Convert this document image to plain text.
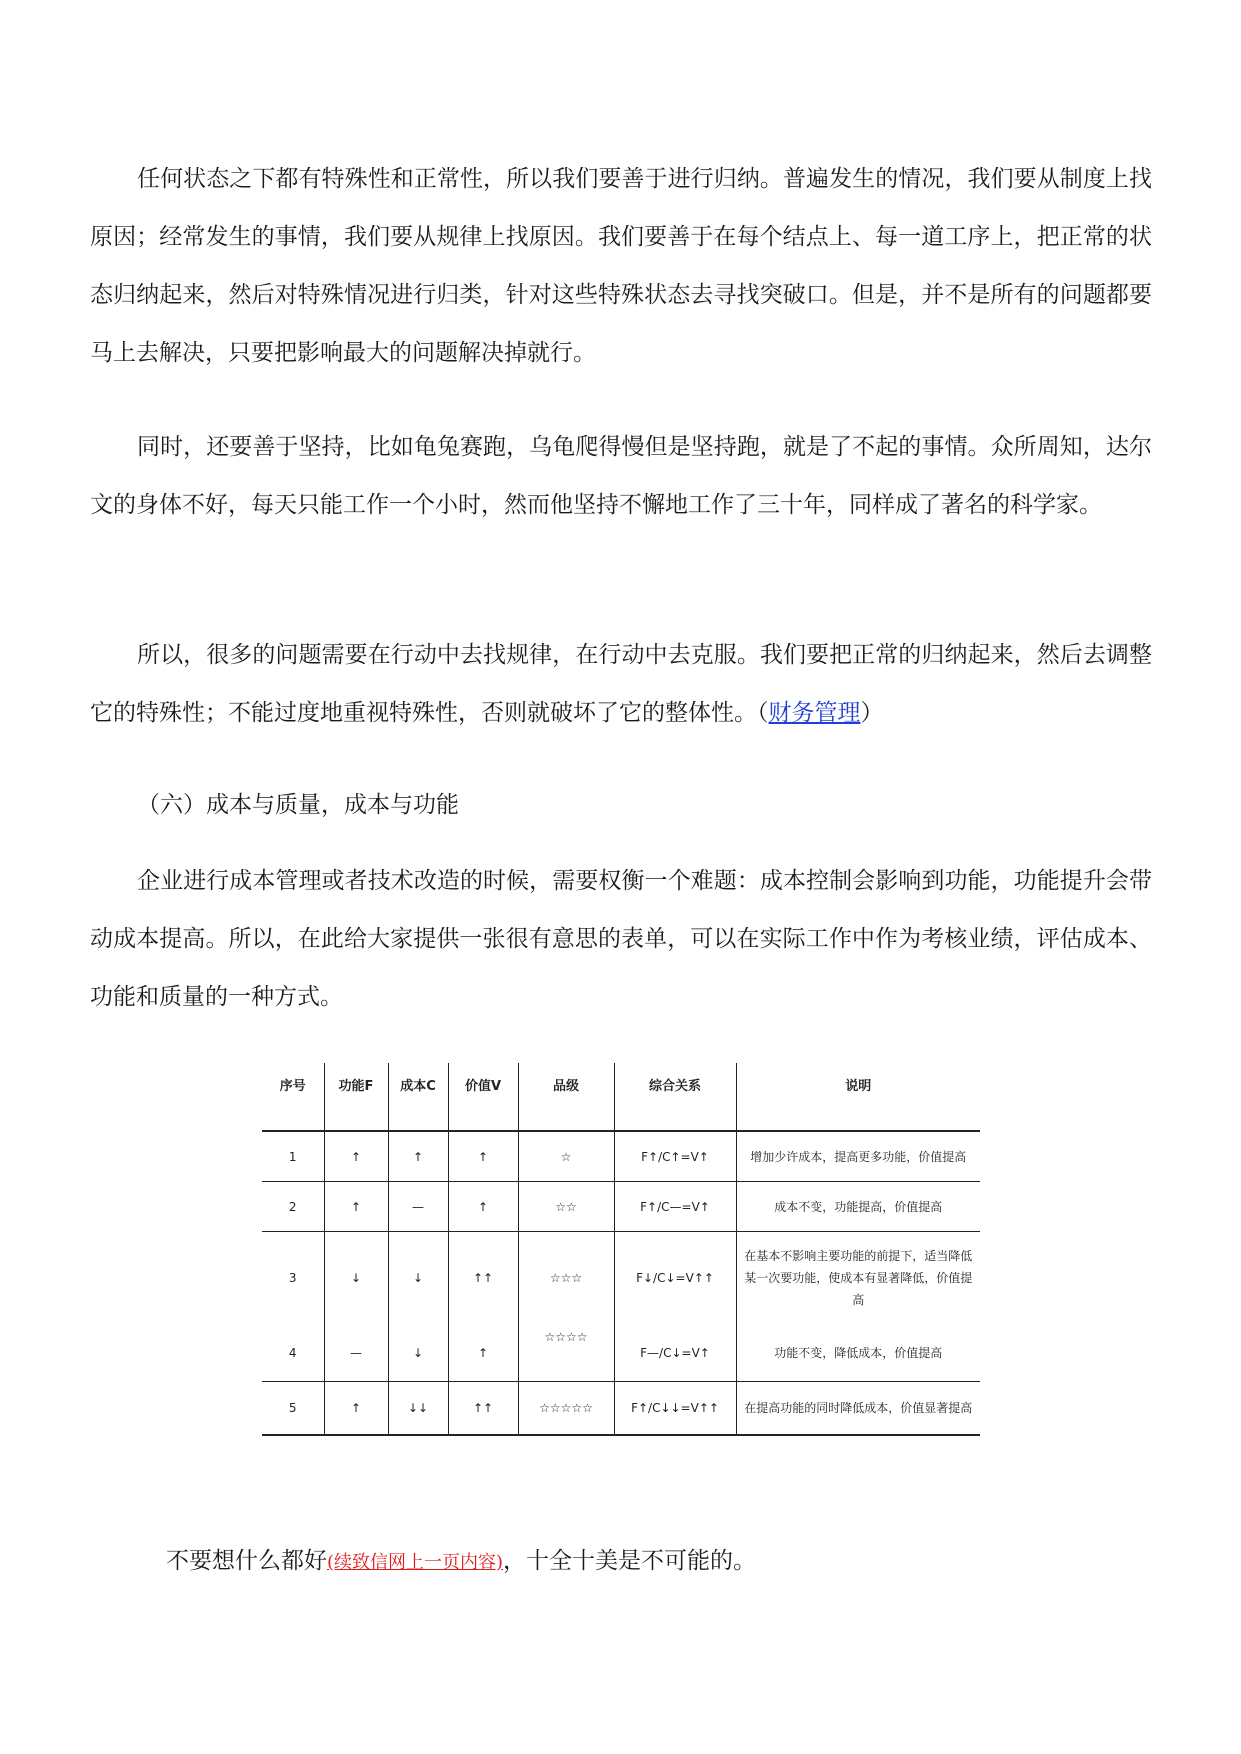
任何状态之下都有特殊性和正常性，所以我们要善于进行归纳。普遍发生的情况，我们要从制度上找原因；经常发生的事情，我们要从规律上找原因。我们要善于在每个结点上、每一道工序上，把正常的状态归纳起来，然后对特殊情况进行归类，针对这些特殊状态去寻找突破口。但是，并不是所有的问题都要马上去解决，只要把影响最大的问题解决掉就行。

同时，还要善于坚持，比如龟兔赛跑，乌龟爬得慢但是坚持跑，就是了不起的事情。众所周知，达尔文的身体不好，每天只能工作一个小时，然而他坚持不懈地工作了三十年，同样成了著名的科学家。

所以，很多的问题需要在行动中去找规律，在行动中去克服。我们要把正常的归纳起来，然后去调整它的特殊性；不能过度地重视特殊性，否则就破坏了它的整体性。（财务管理）

（六）成本与质量，成本与功能

企业进行成本管理或者技术改造的时候，需要权衡一个难题：成本控制会影响到功能，功能提升会带动成本提高。所以，在此给大家提供一张很有意思的表单，可以在实际工作中作为考核业绩，评估成本、功能和质量的一种方式。

序号	功能F	成本C	价值V	品级	综合关系	说明
1	↑	↑	↑	☆	F↑/C↑=V↑	增加少许成本，提高更多功能，价值提高
2	↑	—	↑	☆☆	F↑/C—=V↑	成本不变，功能提高，价值提高
3	↓	↓	↑↑	☆☆☆	F↓/C↓=V↑↑	在基本不影响主要功能的前提下，适当降低某一次要功能，使成本有显著降低，价值提高
4	—	↓	↑	☆☆☆☆	F—/C↓=V↑	功能不变，降低成本，价值提高
5	↑	↓↓	↑↑	☆☆☆☆☆	F↑/C↓↓=V↑↑	在提高功能的同时降低成本，价值显著提高

不要想什么都好(续致信网上一页内容)，十全十美是不可能的。
